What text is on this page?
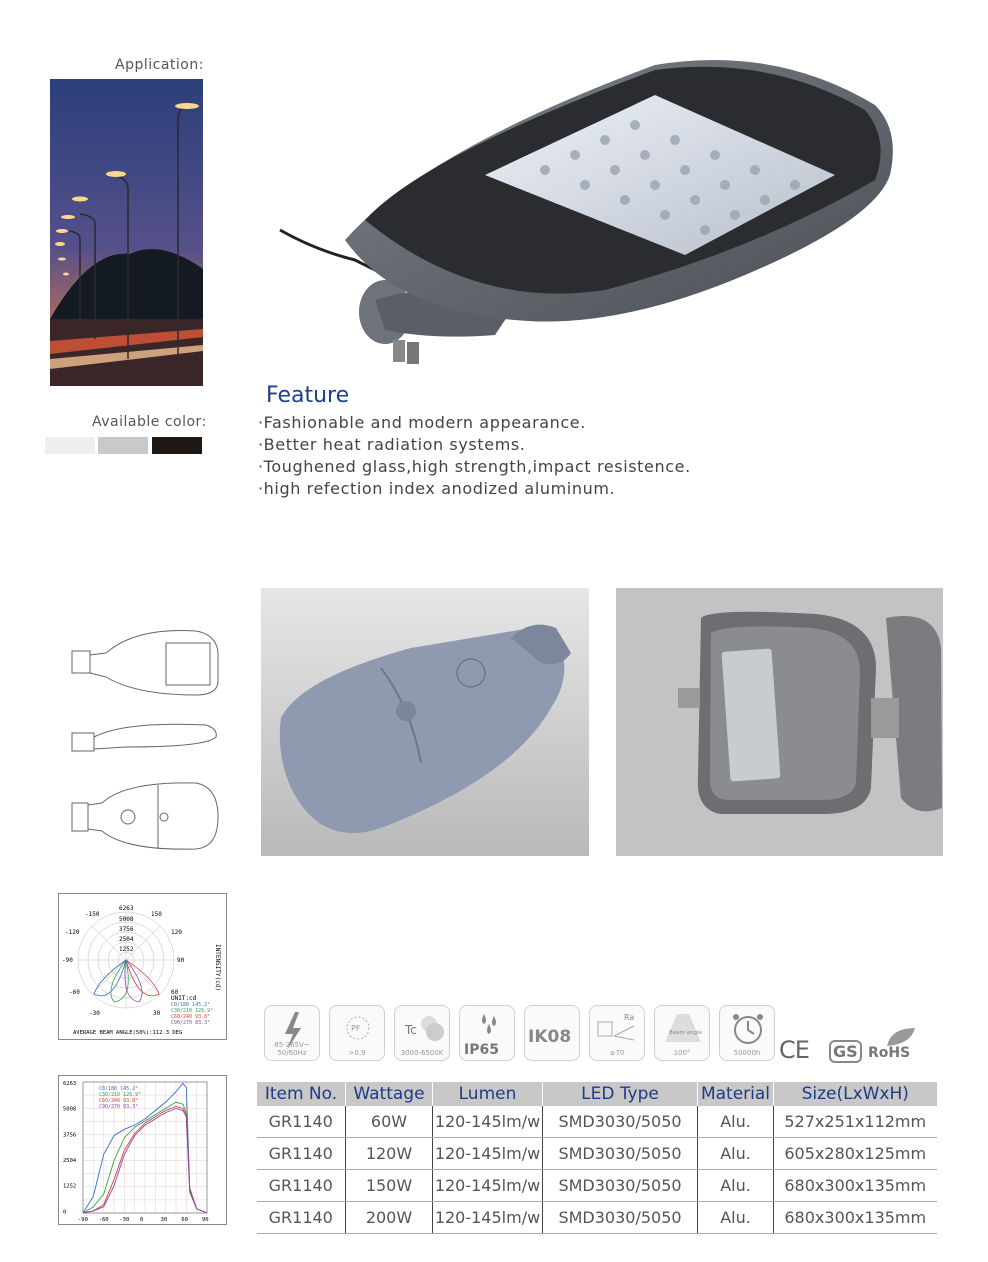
Application:
Available color:
Feature
·Fashionable and modern appearance.
·Better heat radiation systems.
·Toughened glass,high strength,impact resistence.
·high refection index anodized aluminum.
6263
5008
3756
2504
1252
-150	150
-120	120
-90	90
-60	60
-30	30
INTENSITY(cd)
UNIT:cd
C0/180 145.2°
C30/210 126.9°
C60/240 93.8°
C90/270 83.3°
AVERAGE BEAM ANGLE(50%):112.3 DEG
6263
5008
3756
2504
1252
0
-90 -60 -30 0	30	60	90
C0/180 145.2°
C30/210 126.9°
C60/240 93.8°
C90/270 83.3°
85-265V~ 50/60Hz
PF
>0.9
Tc
3000-6500K	IP65
IK08
Ra
≥70
Beam angle
100°	50000h CE GS RoHS
Item No.	Wattage	Lumen	LED Type	Material	Size(LxWxH)
GR1140	60W	120-145lm/w	SMD3030/5050	Alu.	527x251x112mm
GR1140	120W	120-145lm/w	SMD3030/5050	Alu.	605x280x125mm
GR1140	150W	120-145lm/w	SMD3030/5050	Alu.	680x300x135mm
GR1140	200W	120-145lm/w	SMD3030/5050	Alu.	680x300x135mm
